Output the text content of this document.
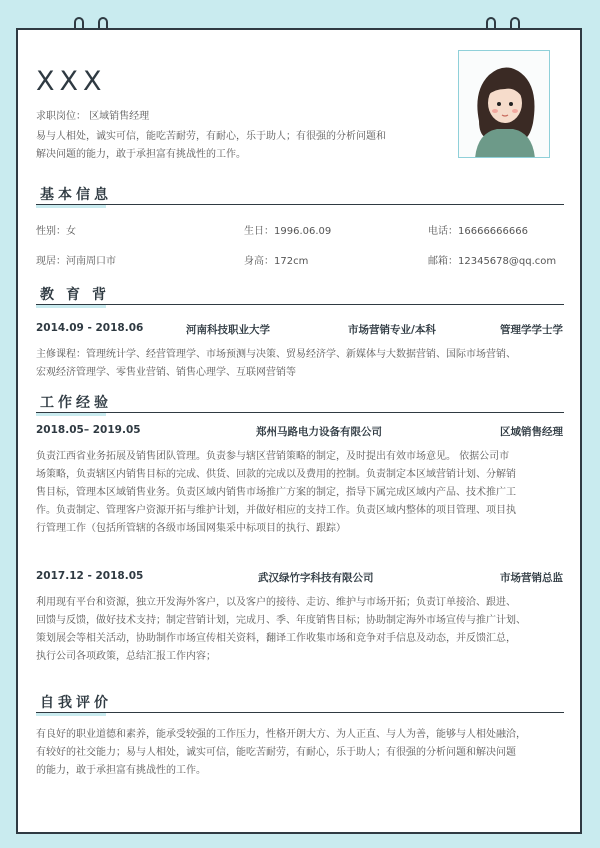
XXX
求职岗位： 区域销售经理
易与人相处，诚实可信，能吃苦耐劳，有耐心，乐于助人；有很强的分析问题和
解决问题的能力，敢于承担富有挑战性的工作。
基本信息
性别：女	生日：1996.06.09	电话：16666666666
现居：河南周口市	身高：172cm	邮箱：12345678@qq.com
教育背
2014.09 - 2018.06	河南科技职业大学	市场营销专业/本科	管理学学士学
主修课程：管理统计学、经营管理学、市场预测与决策、贸易经济学、新媒体与大数据营销、国际市场营销、
宏观经济管理学、零售业营销、销售心理学、互联网营销等
工作经验
2018.05– 2019.05	郑州马路电力设备有限公司	区域销售经理
负责江西省业务拓展及销售团队管理。负责参与辖区营销策略的制定，及时提出有效市场意见。 依据公司市
场策略，负责辖区内销售目标的完成、供货、回款的完成以及费用的控制。负责制定本区域营销计划、分解销
售目标，管理本区域销售业务。负责区域内销售市场推广方案的制定，指导下属完成区域内产品、技术推广工
作。负责制定、管理客户资源开拓与维护计划，并做好相应的支持工作。负责区域内整体的项目管理、项目执
行管理工作（包括所管辖的各级市场国网集采中标项目的执行、跟踪）
2017.12 - 2018.05	武汉绿竹字科技有限公司	市场营销总监
利用现有平台和资源，独立开发海外客户，以及客户的接待、走访、维护与市场开拓；负责订单接洽、跟进、
回馈与反馈，做好技术支持；制定营销计划，完成月、季、年度销售目标；协助制定海外市场宣传与推广计划、
策划展会等相关活动，协助制作市场宣传相关资料，翻译工作收集市场和竞争对手信息及动态，并反馈汇总，
执行公司各项政策，总结汇报工作内容；
自我评价
有良好的职业道德和素养，能承受较强的工作压力，性格开朗大方、为人正直、与人为善，能够与人相处融洽，
有较好的社交能力；易与人相处，诚实可信，能吃苦耐劳，有耐心，乐于助人；有很强的分析问题和解决问题
的能力，敢于承担富有挑战性的工作。
